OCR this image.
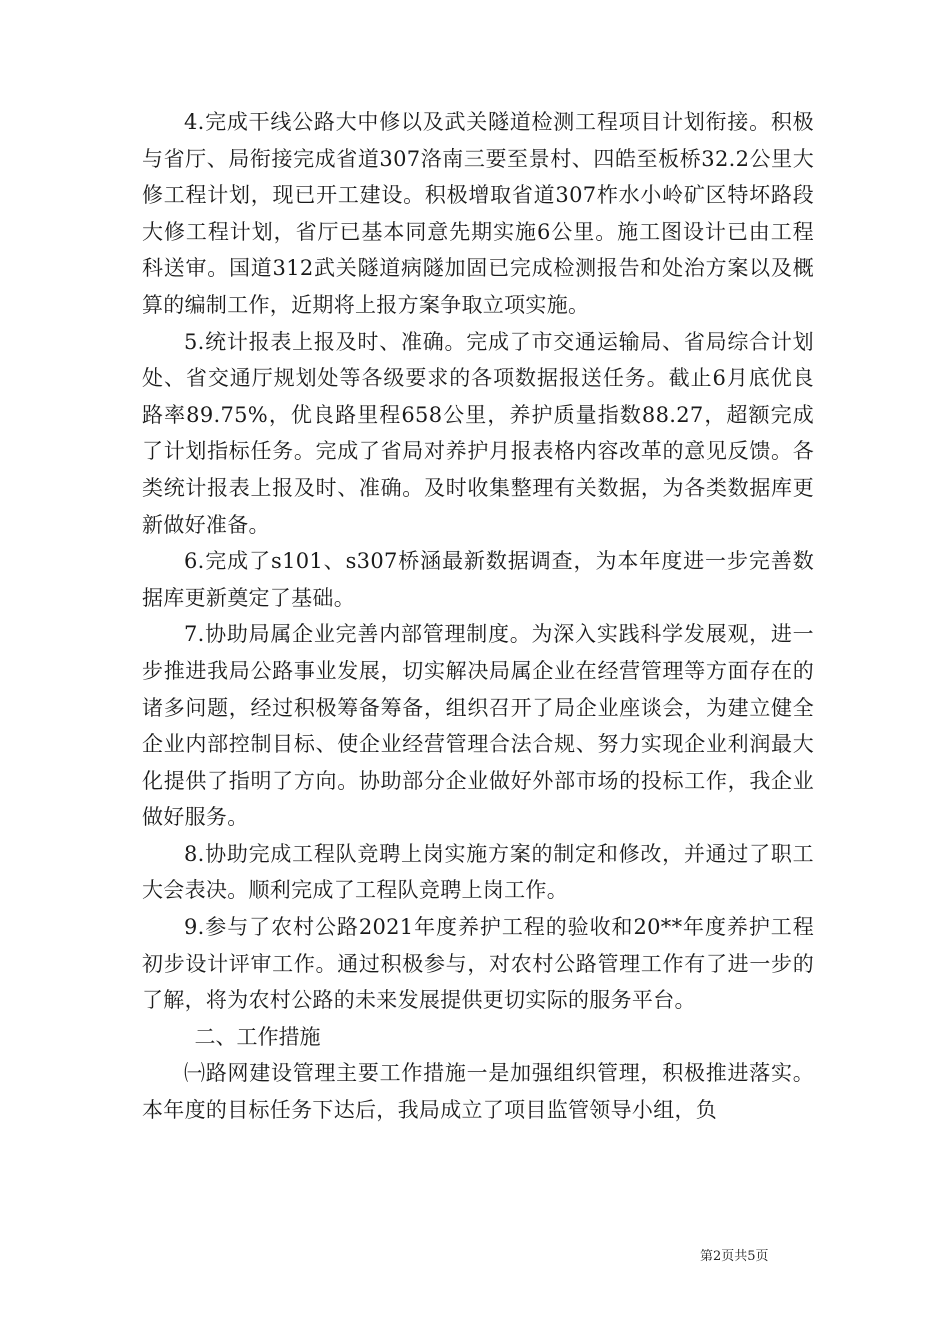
4.完成干线公路大中修以及武关隧道检测工程项目计划衔接。积极与省厅、局衔接完成省道307洛南三要至景村、四皓至板桥32.2公里大修工程计划，现已开工建设。积极增取省道307柞水小岭矿区特坏路段大修工程计划，省厅已基本同意先期实施6公里。施工图设计已由工程科送审。国道312武关隧道病隧加固已完成检测报告和处治方案以及概算的编制工作，近期将上报方案争取立项实施。

5.统计报表上报及时、准确。完成了市交通运输局、省局综合计划处、省交通厅规划处等各级要求的各项数据报送任务。截止6月底优良路率89.75%，优良路里程658公里，养护质量指数88.27，超额完成了计划指标任务。完成了省局对养护月报表格内容改革的意见反馈。各类统计报表上报及时、准确。及时收集整理有关数据，为各类数据库更新做好准备。

6.完成了s101、s307桥涵最新数据调查，为本年度进一步完善数据库更新奠定了基础。

7.协助局属企业完善内部管理制度。为深入实践科学发展观，进一步推进我局公路事业发展，切实解决局属企业在经营管理等方面存在的诸多问题，经过积极筹备筹备，组织召开了局企业座谈会，为建立健全企业内部控制目标、使企业经营管理合法合规、努力实现企业利润最大化提供了指明了方向。协助部分企业做好外部市场的投标工作，我企业做好服务。

8.协助完成工程队竞聘上岗实施方案的制定和修改，并通过了职工大会表决。顺利完成了工程队竞聘上岗工作。

9.参与了农村公路2021年度养护工程的验收和20**年度养护工程初步设计评审工作。通过积极参与，对农村公路管理工作有了进一步的了解，将为农村公路的未来发展提供更切实际的服务平台。

二、工作措施

㈠路网建设管理主要工作措施一是加强组织管理，积极推进落实。本年度的目标任务下达后，我局成立了项目监管领导小组，负

第2页共5页
